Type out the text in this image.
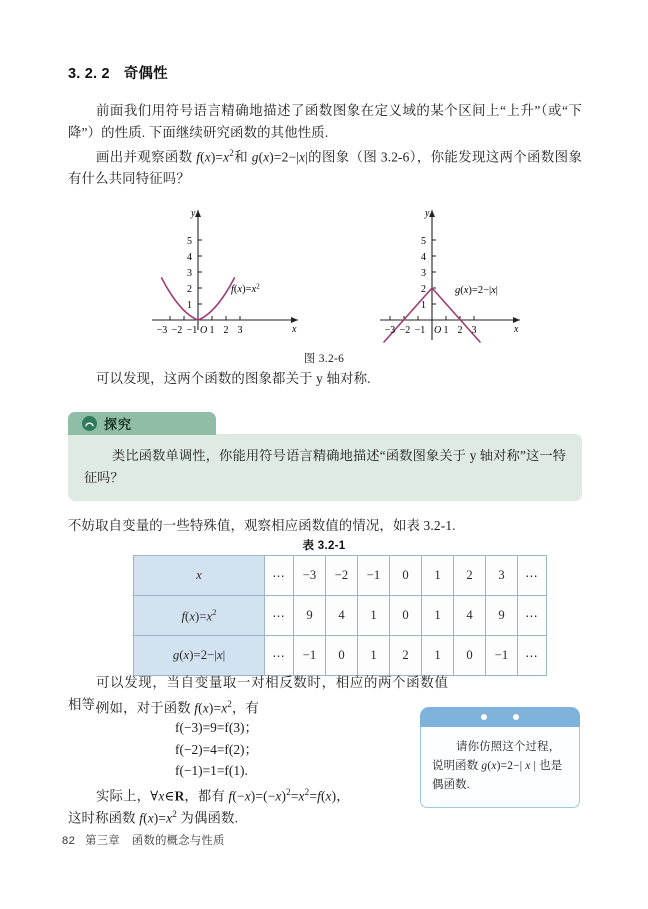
3. 2. 2 奇偶性
前面我们用符号语言精确地描述了函数图象在定义域的某个区间上“上升”（或“下降”）的性质. 下面继续研究函数的其他性质.
画出并观察函数 $f(x)=x^2$和 g(x)=2−|x|的图象（图 3.2-6），你能发现这两个函数图象有什么共同特征吗？
y
x
O
−3 −2 −1 1 2 3
1
2
3
4
5
$f(x)=x^2$
y
x
O
−3 −2 −1 1 2 3
1
2
3
4
5
g(x)=2−|x|
图 3.2-6
可以发现，这两个函数的图象都关于 y 轴对称.
探究

类比函数单调性，你能用符号语言精确地描述“函数图象关于 y 轴对称”这一特征吗？

不妨取自变量的一些特殊值，观察相应函数值的情况，如表 3.2-1.
表 3.2-1
x	⋯	−3	−2	−1	0	1	2	3	⋯
$f(x)=x^2$	⋯	9	4	1	0	1	4	9	⋯
g(x)=2−|x|	⋯	−1	0	1	2	1	0	−1	⋯
可以发现，当自变量取一对相反数时，相应的两个函数值相等.
例如，对于函数 $f(x)=x^2$，有
f(−3)=9=f(3)；
f(−2)=4=f(2)；
f(−1)=1=f(1).
实际上，∀x∈R，都有 $f(-x)=(-x)^2=x^2=f(x)$，
这时称函数 $f(x)=x^2$ 为偶函数.

请你仿照这个过程，说明函数 g(x)=2−| x | 也是偶函数.

82 第三章 函数的概念与性质
